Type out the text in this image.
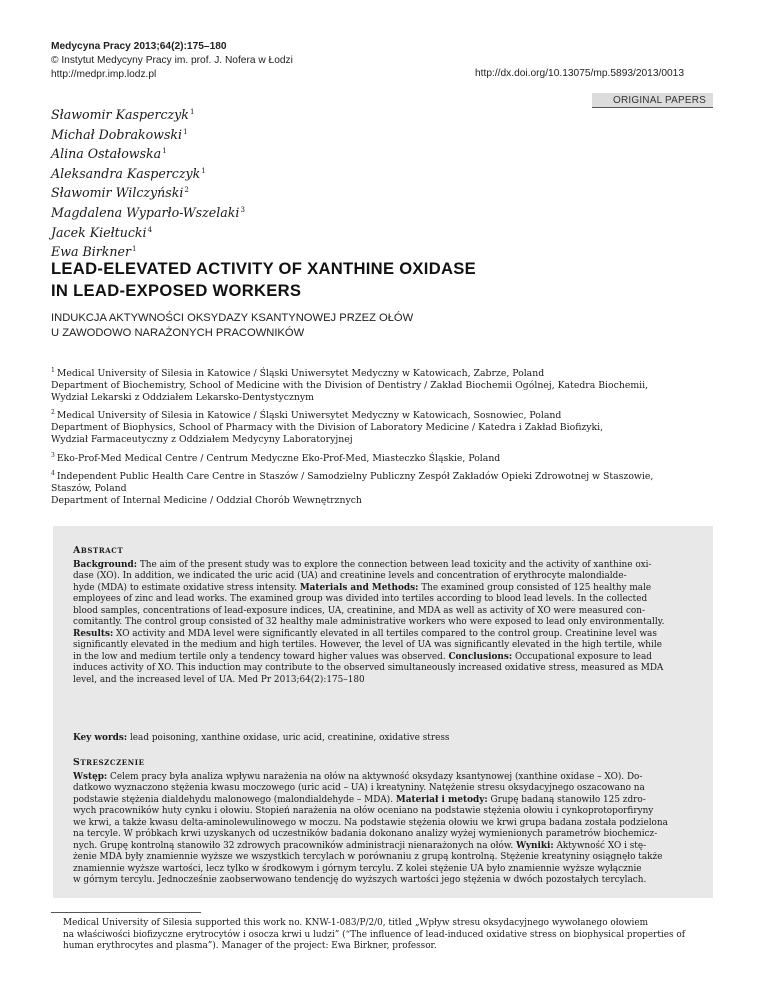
Medycyna Pracy 2013;64(2):175–180
© Instytut Medycyny Pracy im. prof. J. Nofera w Łodzi
http://medpr.imp.lodz.pl	http://dx.doi.org/10.13075/mp.5893/2013/0013
ORIGINAL PAPERS
Sławomir Kasperczyk$^1$
Michał Dobrakowski$^1$
Alina Ostałowska$^1$
Aleksandra Kasperczyk$^1$
Sławomir Wilczyński$^2$
Magdalena Wyparło-Wszelaki$^3$
Jacek Kiełtucki$^4$
Ewa Birkner$^1$
LEAD-ELEVATED ACTIVITY OF XANTHINE OXIDASE
IN LEAD-EXPOSED WORKERS
INDUKCJA AKTYWNOŚCI OKSYDAZY KSANTYNOWEJ PRZEZ OŁÓW
U ZAWODOWO NARAŻONYCH PRACOWNIKÓW
$^1$ Medical University of Silesia in Katowice / Śląski Uniwersytet Medyczny w Katowicach, Zabrze, Poland
Department of Biochemistry, School of Medicine with the Division of Dentistry / Zakład Biochemii Ogólnej, Katedra Biochemii,
Wydział Lekarski z Oddziałem Lekarsko-Dentystycznym
$^2$ Medical University of Silesia in Katowice / Śląski Uniwersytet Medyczny w Katowicach, Sosnowiec, Poland
Department of Biophysics, School of Pharmacy with the Division of Laboratory Medicine / Katedra i Zakład Biofizyki,
Wydział Farmaceutyczny z Oddziałem Medycyny Laboratoryjnej
$^3$ Eko-Prof-Med Medical Centre / Centrum Medyczne Eko-Prof-Med, Miasteczko Śląskie, Poland
$^4$ Independent Public Health Care Centre in Staszów / Samodzielny Publiczny Zespół Zakładów Opieki Zdrowotnej w Staszowie,
Staszów, Poland
Department of Internal Medicine / Oddział Chorób Wewnętrznych
Abstract
Background: The aim of the present study was to explore the connection between lead toxicity and the activity of xanthine oxi-
dase (XO). In addition, we indicated the uric acid (UA) and creatinine levels and concentration of erythrocyte malondialde-
hyde (MDA) to estimate oxidative stress intensity. Materials and Methods: The examined group consisted of 125 healthy male
employees of zinc and lead works. The examined group was divided into tertiles according to blood lead levels. In the collected
blood samples, concentrations of lead-exposure indices, UA, creatinine, and MDA as well as activity of XO were measured con-
comitantly. The control group consisted of 32 healthy male administrative workers who were exposed to lead only environmentally.
Results: XO activity and MDA level were significantly elevated in all tertiles compared to the control group. Creatinine level was
significantly elevated in the medium and high tertiles. However, the level of UA was significantly elevated in the high tertile, while
in the low and medium tertile only a tendency toward higher values was observed. Conclusions: Occupational exposure to lead
induces activity of XO. This induction may contribute to the observed simultaneously increased oxidative stress, measured as MDA
level, and the increased level of UA. Med Pr 2013;64(2):175–180
Key words: lead poisoning, xanthine oxidase, uric acid, creatinine, oxidative stress
Streszczenie
Wstęp: Celem pracy była analiza wpływu narażenia na ołów na aktywność oksydazy ksantynowej (xanthine oxidase – XO). Do-
datkowo wyznaczono stężenia kwasu moczowego (uric acid – UA) i kreatyniny. Natężenie stresu oksydacyjnego oszacowano na
podstawie stężenia dialdehydu malonowego (malondialdehyde – MDA). Materiał i metody: Grupę badaną stanowiło 125 zdro-
wych pracowników huty cynku i ołowiu. Stopień narażenia na ołów oceniano na podstawie stężenia ołowiu i cynkoprotoporfiryny
we krwi, a także kwasu delta-aminolewulinowego w moczu. Na podstawie stężenia ołowiu we krwi grupa badana została podzielona
na tercyle. W próbkach krwi uzyskanych od uczestników badania dokonano analizy wyżej wymienionych parametrów biochemicz-
nych. Grupę kontrolną stanowiło 32 zdrowych pracowników administracji nienarażonych na ołów. Wyniki: Aktywność XO i stę-
żenie MDA były znamiennie wyższe we wszystkich tercylach w porównaniu z grupą kontrolną. Stężenie kreatyniny osiągnęło także
znamiennie wyższe wartości, lecz tylko w środkowym i górnym tercylu. Z kolei stężenie UA było znamiennie wyższe wyłącznie
w górnym tercylu. Jednocześnie zaobserwowano tendencję do wyższych wartości jego stężenia w dwóch pozostałych tercylach.
Medical University of Silesia supported this work no. KNW-1-083/P/2/0, titled „Wpływ stresu oksydacyjnego wywołanego ołowiem
na właściwości biofizyczne erytrocytów i osocza krwi u ludzi” (“The influence of lead-induced oxidative stress on biophysical properties of
human erythrocytes and plasma”). Manager of the project: Ewa Birkner, professor.
